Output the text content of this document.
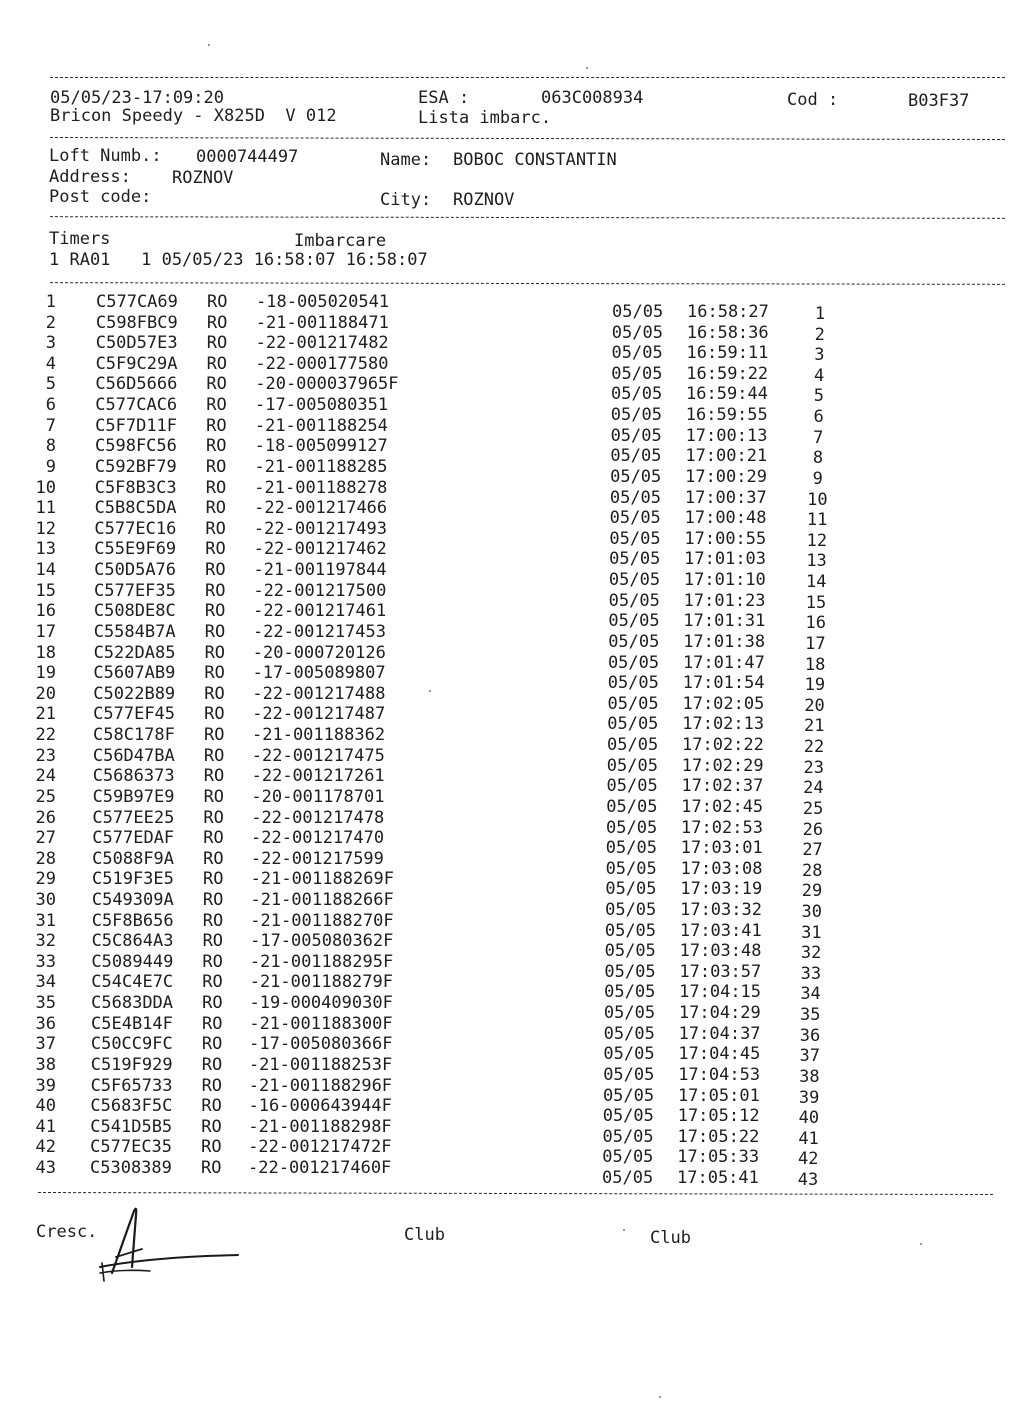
05/05/23-17:09:20	ESA :	063C008934	Cod :	B03F37
Bricon Speedy - X825D  V 012	Lista imbarc.
Loft Numb.: 0000744497	Name: BOBOC CONSTANTIN
Address: ROZNOV
Post code:	City: ROZNOV
Timers	Imbarcare
1 RA01   1 05/05/23 16:58:07 16:58:07
1 C577CA69 RO -18-005020541	05/05 16:58:27	1
2 C598FBC9 RO -21-001188471	05/05 16:58:36	2
3 C50D57E3 RO -22-001217482	05/05 16:59:11	3
4 C5F9C29A RO -22-000177580	05/05 16:59:22	4
5 C56D5666 RO -20-000037965F	05/05 16:59:44	5
6 C577CAC6 RO -17-005080351	05/05 16:59:55	6
7 C5F7D11F RO -21-001188254	05/05 17:00:13	7
8 C598FC56 RO -18-005099127	05/05 17:00:21	8
9 C592BF79 RO -21-001188285	05/05 17:00:29	9
10 C5F8B3C3 RO -21-001188278	05/05 17:00:37 10
11 C5B8C5DA RO -22-001217466	05/05 17:00:48 11
12 C577EC16 RO -22-001217493	05/05 17:00:55 12
13 C55E9F69 RO -22-001217462	05/05 17:01:03 13
14 C50D5A76 RO -21-001197844	05/05 17:01:10 14
15 C577EF35 RO -22-001217500	05/05 17:01:23 15
16 C508DE8C RO -22-001217461	05/05 17:01:31 16
17 C5584B7A RO -22-001217453	05/05 17:01:38 17
18 C522DA85 RO -20-000720126	05/05 17:01:47 18
19 C5607AB9 RO -17-005089807	05/05 17:01:54 19
20 C5022B89 RO -22-001217488	05/05 17:02:05 20
21 C577EF45 RO -22-001217487	05/05 17:02:13 21
22 C58C178F RO -21-001188362	05/05 17:02:22 22
23 C56D47BA RO -22-001217475	05/05 17:02:29 23
24 C5686373 RO -22-001217261	05/05 17:02:37 24
25 C59B97E9 RO -20-001178701	05/05 17:02:45 25
26 C577EE25 RO -22-001217478	05/05 17:02:53 26
27 C577EDAF RO -22-001217470	05/05 17:03:01 27
28 C5088F9A RO -22-001217599	05/05 17:03:08 28
29 C519F3E5 RO -21-001188269F	05/05 17:03:19 29
30 C549309A RO -21-001188266F	05/05 17:03:32 30
31 C5F8B656 RO -21-001188270F	05/05 17:03:41 31
32 C5C864A3 RO -17-005080362F	05/05 17:03:48 32
33 C5089449 RO -21-001188295F	05/05 17:03:57 33
34 C54C4E7C RO -21-001188279F	05/05 17:04:15 34
35 C5683DDA RO -19-000409030F	05/05 17:04:29 35
36 C5E4B14F RO -21-001188300F	05/05 17:04:37 36
37 C50CC9FC RO -17-005080366F	05/05 17:04:45 37
38 C519F929 RO -21-001188253F	05/05 17:04:53 38
39 C5F65733 RO -21-001188296F	05/05 17:05:01 39
40 C5683F5C RO -16-000643944F	05/05 17:05:12 40
41 C541D5B5 RO -21-001188298F	05/05 17:05:22 41
42 C577EC35 RO -22-001217472F	05/05 17:05:33 42
43 C5308389 RO -22-001217460F	05/05 17:05:41 43
Cresc.	Club	Club
